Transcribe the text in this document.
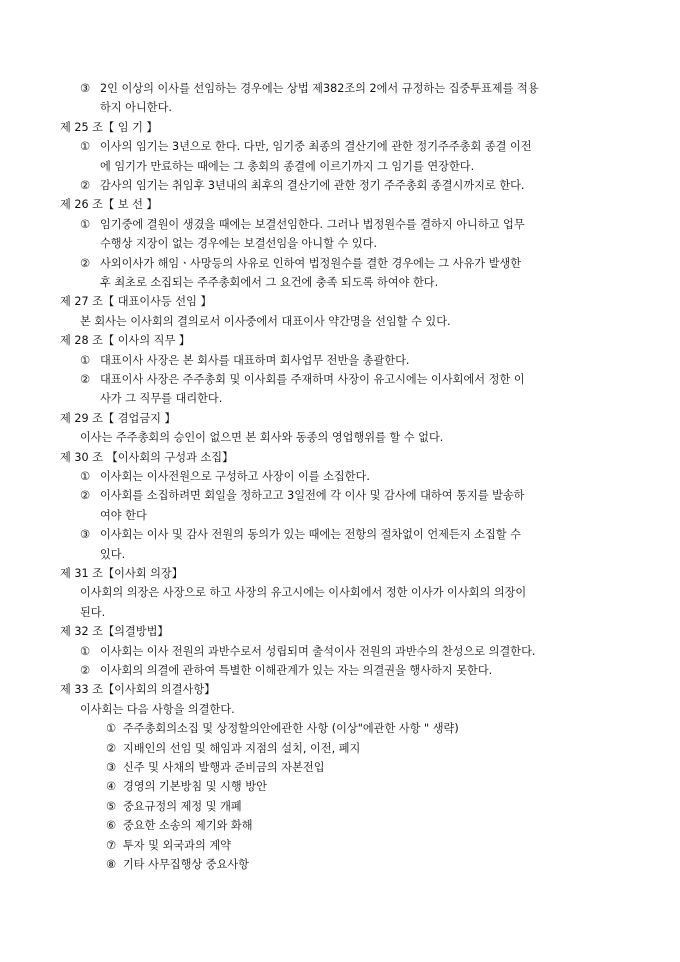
③ 2인 이상의 이사를 선임하는 경우에는 상법 제382조의 2에서 규정하는 집중투표제를 적용
하지 아니한다.
제 25 조【 임 기 】
① 이사의 임기는 3년으로 한다. 다만, 임기중 최종의 결산기에 관한 정기주주총회 종결 이전
에 임기가 만료하는 때에는 그 총회의 종결에 이르기까지 그 임기를 연장한다.
② 감사의 임기는 취임후 3년내의 최후의 결산기에 관한 정기 주주총회 종결시까지로 한다.
제 26 조【 보 선 】
① 임기중에 결원이 생겼을 때에는 보결선임한다. 그러나 법정원수를 결하지 아니하고 업무
수행상 지장이 없는 경우에는 보결선임을 아니할 수 있다.
② 사외이사가 해임ㆍ사망등의 사유로 인하여 법정원수를 결한 경우에는 그 사유가 발생한
후 최초로 소집되는 주주총회에서 그 요건에 충족 되도록 하여야 한다.
제 27 조【 대표이사등 선임 】
본 회사는 이사회의 결의로서 이사중에서 대표이사 약간명을 선임할 수 있다.
제 28 조【 이사의 직무 】
① 대표이사 사장은 본 회사를 대표하며 회사업무 전반을 총괄한다.
② 대표이사 사장은 주주총회 및 이사회를 주재하며 사장이 유고시에는 이사회에서 정한 이
사가 그 직무를 대리한다.
제 29 조【 겸업금지 】
이사는 주주총회의 승인이 없으면 본 회사와 동종의 영업행위를 할 수 없다.
제 30 조 【이사회의 구성과 소집】
① 이사회는 이사전원으로 구성하고 사장이 이를 소집한다.
② 이사회를 소집하려면 회일을 정하고고 3일전에 각 이사 및 감사에 대하여 통지를 발송하
여야 한다
③ 이사회는 이사 및 감사 전원의 동의가 있는 때에는 전항의 절차없이 언제든지 소집할 수
있다.
제 31 조【이사회 의장】
이사회의 의장은 사장으로 하고 사장의 유고시에는 이사회에서 정한 이사가 이사회의 의장이
된다.
제 32 조【의결방법】
① 이사회는 이사 전원의 과반수로서 성립되며 출석이사 전원의 과반수의 찬성으로 의결한다.
② 이사회의 의결에 관하여 특별한 이해관계가 있는 자는 의결권을 행사하지 못한다.
제 33 조【이사회의 의결사항】
이사회는 다음 사항을 의결한다.
① 주주총회의소집 및 상정할의안에관한 사항 (이상"에관한 사항 " 생략)
② 지배인의 선임 및 해임과 지점의 설치, 이전, 폐지
③ 신주 및 사채의 발행과 준비금의 자본전입
④ 경영의 기본방침 및 시행 방안
⑤ 중요규정의 제정 및 개폐
⑥ 중요한 소송의 제기와 화해
⑦ 투자 및 외국과의 계약
⑧ 기타 사무집행상 중요사항
